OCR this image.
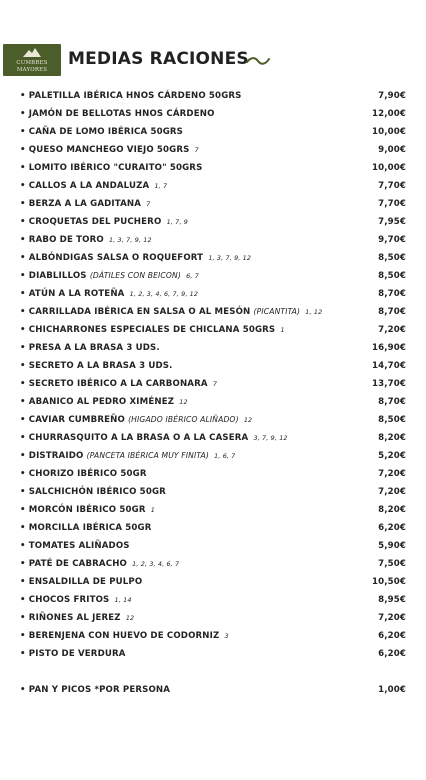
CUMBRES
MAYORES
MEDIAS RACIONES
• PALETILLA IBÉRICA HNOS CÁRDENO 50GRS	7,90€
• JAMÓN DE BELLOTAS HNOS CÁRDENO	12,00€
• CAÑA DE LOMO IBÉRICA 50GRS	10,00€
• QUESO MANCHEGO VIEJO 50GRS 7	9,00€
• LOMITO IBÉRICO "CURAITO" 50GRS	10,00€
• CALLOS A LA ANDALUZA 1, 7	7,70€
• BERZA A LA GADITANA 7	7,70€
• CROQUETAS DEL PUCHERO 1, 7, 9	7,95€
• RABO DE TORO 1, 3, 7, 9, 12	9,70€
• ALBÓNDIGAS SALSA O ROQUEFORT 1, 3, 7, 9, 12	8,50€
• DIABLILLOS (DÁTILES CON BEICON) 6, 7	8,50€
• ATÚN A LA ROTEÑA 1, 2, 3, 4, 6, 7, 9, 12	8,70€
• CARRILLADA IBÉRICA EN SALSA O AL MESÓN (PICANTITA) 1, 12	8,70€
• CHICHARRONES ESPECIALES DE CHICLANA 50GRS 1	7,20€
• PRESA A LA BRASA 3 UDS.	16,90€
• SECRETO A LA BRASA 3 UDS.	14,70€
• SECRETO IBÉRICO A LA CARBONARA 7	13,70€
• ABANICO AL PEDRO XIMÉNEZ 12	8,70€
• CAVIAR CUMBREÑO (HIGADO IBÉRICO ALIÑADO) 12	8,50€
• CHURRASQUITO A LA BRASA O A LA CASERA 3, 7, 9, 12	8,20€
• DISTRAIDO (PANCETA IBÉRICA MUY FINITA) 1, 6, 7	5,20€
• CHORIZO IBÉRICO 50GR	7,20€
• SALCHICHÓN IBÉRICO 50GR	7,20€
• MORCÓN IBÉRICO 50GR 1	8,20€
• MORCILLA IBÉRICA 50GR	6,20€
• TOMATES ALIÑADOS	5,90€
• PATÉ DE CABRACHO 1, 2, 3, 4, 6, 7	7,50€
• ENSALDILLA DE PULPO	10,50€
• CHOCOS FRITOS 1, 14	8,95€
• RIÑONES AL JEREZ 12	7,20€
• BERENJENA CON HUEVO DE CODORNIZ 3	6,20€
• PISTO DE VERDURA	6,20€
• PAN Y PICOS *POR PERSONA	1,00€
